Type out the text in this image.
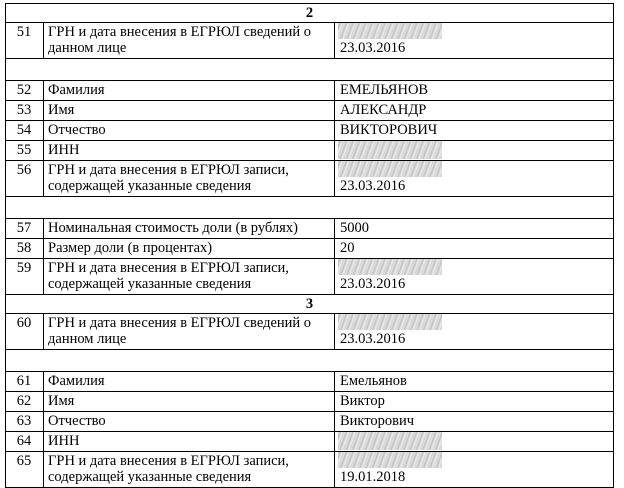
2
51	ГРН и дата внесения в ЕГРЮЛ сведений о данном лице	23.03.2016
52	Фамилия	ЕМЕЛЬЯНОВ
53	Имя	АЛЕКСАНДР
54	Отчество	ВИКТОРОВИЧ
55	ИНН
56	ГРН и дата внесения в ЕГРЮЛ записи, содержащей указанные сведения	23.03.2016
57	Номинальная стоимость доли (в рублях)	5000
58	Размер доли (в процентах)	20
59	ГРН и дата внесения в ЕГРЮЛ записи, содержащей указанные сведения	23.03.2016
3
60	ГРН и дата внесения в ЕГРЮЛ сведений о данном лице	23.03.2016
61	Фамилия	Емельянов
62	Имя	Виктор
63	Отчество	Викторович
64	ИНН
65	ГРН и дата внесения в ЕГРЮЛ записи, содержащей указанные сведения	19.01.2018
